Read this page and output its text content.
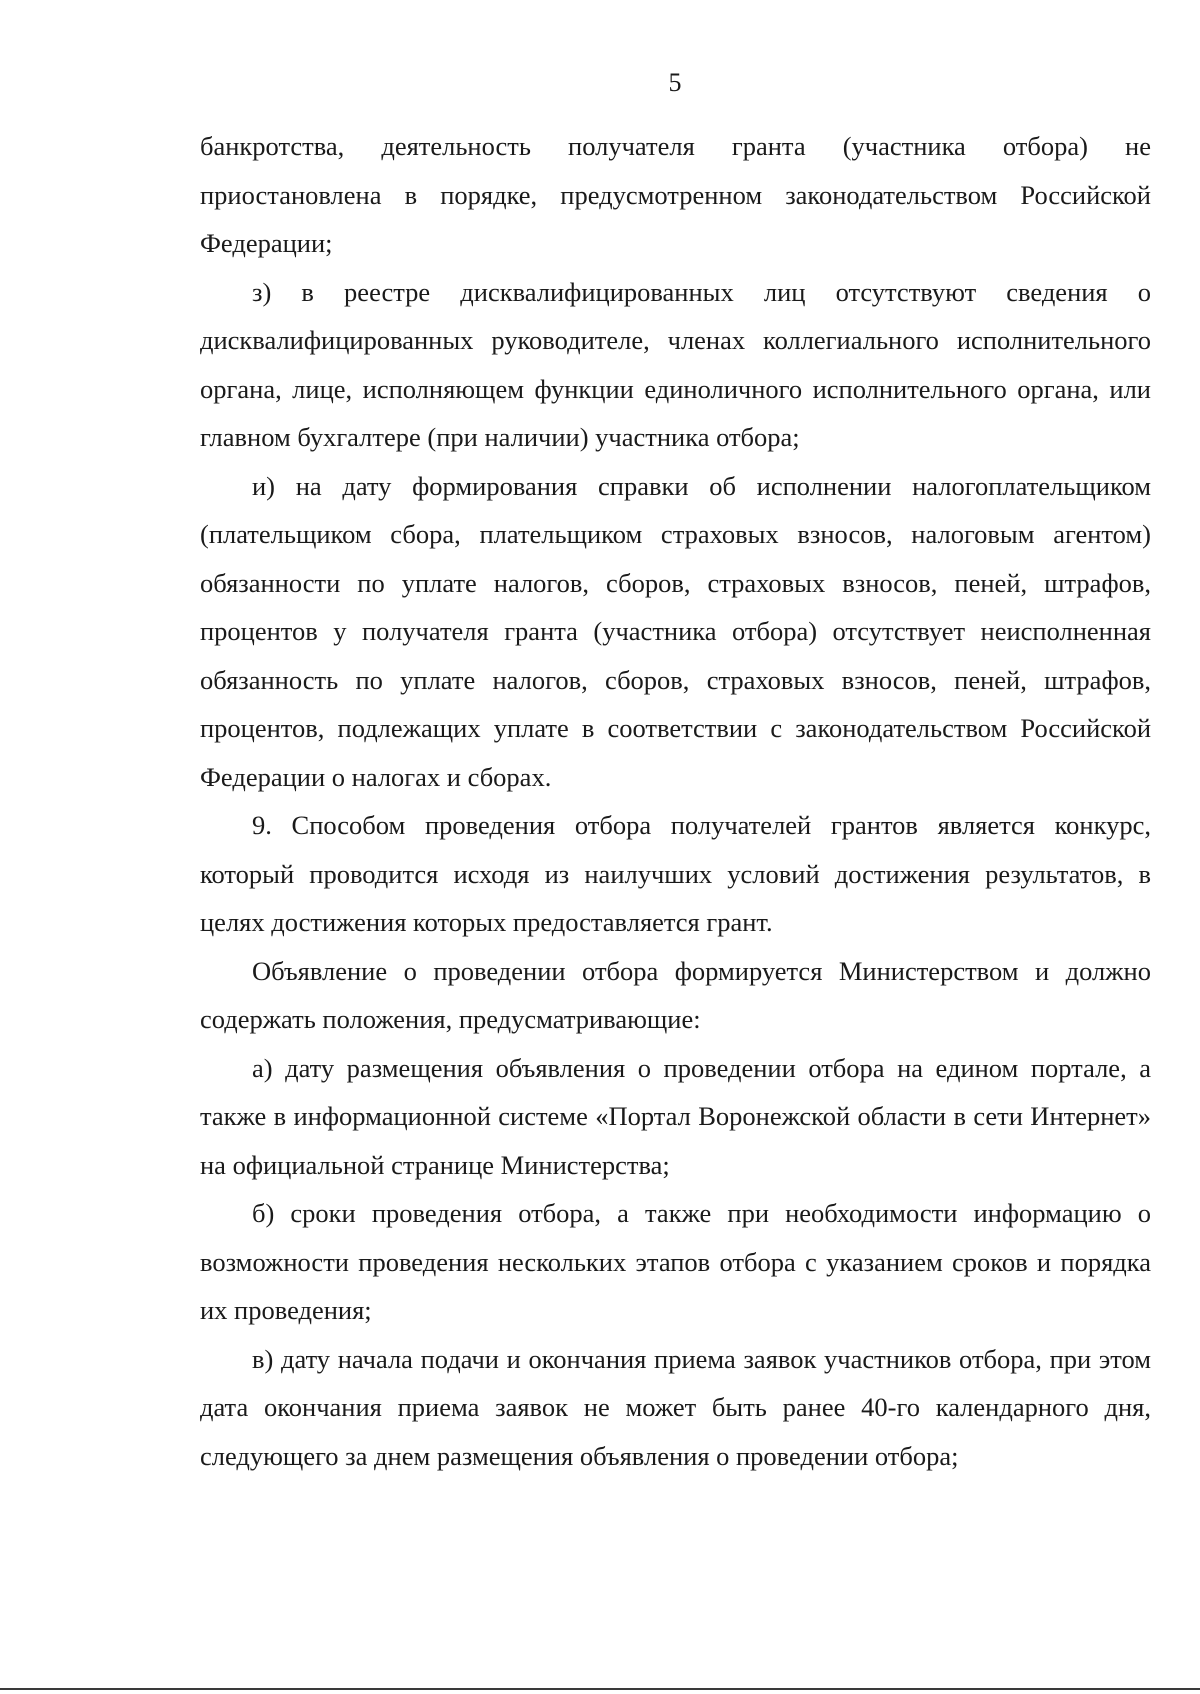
5

банкротства, деятельность получателя гранта (участника отбора) не приостановлена в порядке, предусмотренном законодательством Российской Федерации;

з) в реестре дисквалифицированных лиц отсутствуют сведения о дисквалифицированных руководителе, членах коллегиального исполнительного органа, лице, исполняющем функции единоличного исполнительного органа, или главном бухгалтере (при наличии) участника отбора;

и) на дату формирования справки об исполнении налогоплательщиком (плательщиком сбора, плательщиком страховых взносов, налоговым агентом) обязанности по уплате налогов, сборов, страховых взносов, пеней, штрафов, процентов у получателя гранта (участника отбора) отсутствует неисполненная обязанность по уплате налогов, сборов, страховых взносов, пеней, штрафов, процентов, подлежащих уплате в соответствии с законодательством Российской Федерации о налогах и сборах.

9. Способом проведения отбора получателей грантов является конкурс, который проводится исходя из наилучших условий достижения результатов, в целях достижения которых предоставляется грант.

Объявление о проведении отбора формируется Министерством и должно содержать положения, предусматривающие:

а) дату размещения объявления о проведении отбора на едином портале, а также в информационной системе «Портал Воронежской области в сети Интернет» на официальной странице Министерства;

б) сроки проведения отбора, а также при необходимости информацию о возможности проведения нескольких этапов отбора с указанием сроков и порядка их проведения;

в) дату начала подачи и окончания приема заявок участников отбора, при этом дата окончания приема заявок не может быть ранее 40-го календарного дня, следующего за днем размещения объявления о проведении отбора;
